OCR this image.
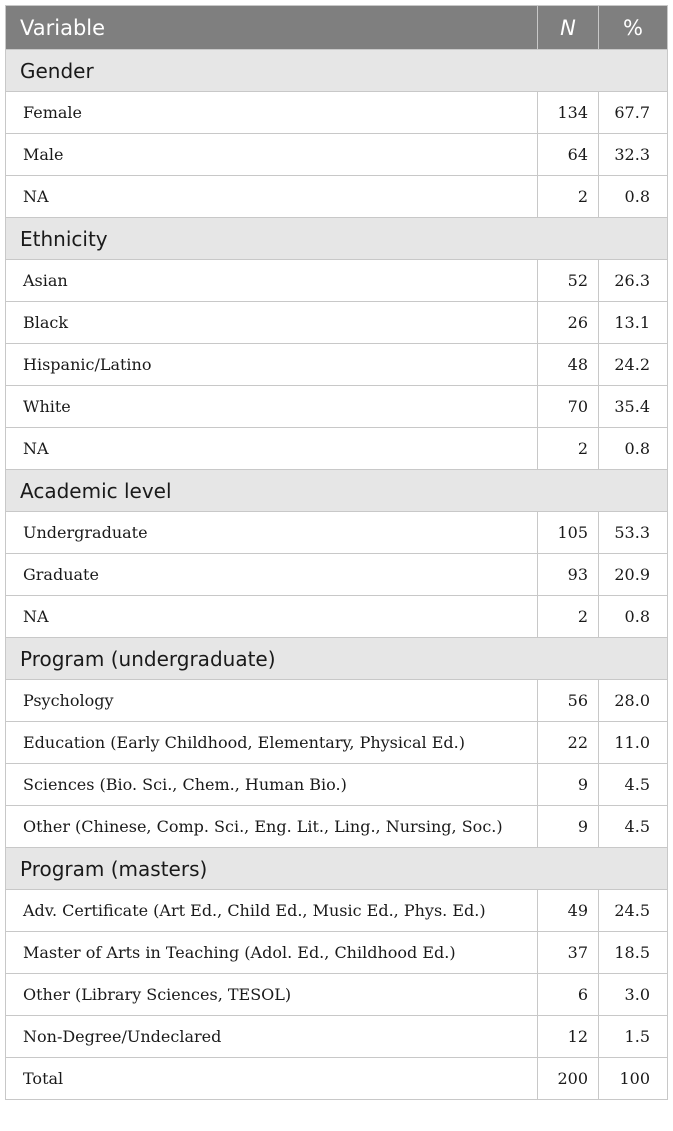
Variable	N	%
Gender		
Female	134	67.7
Male	64	32.3
NA	2	0.8
Ethnicity		
Asian	52	26.3
Black	26	13.1
Hispanic/Latino	48	24.2
White	70	35.4
NA	2	0.8
Academic level		
Undergraduate	105	53.3
Graduate	93	20.9
NA	2	0.8
Program (undergraduate)		
Psychology	56	28.0
Education (Early Childhood, Elementary, Physical Ed.)	22	11.0
Sciences (Bio. Sci., Chem., Human Bio.)	9	4.5
Other (Chinese, Comp. Sci., Eng. Lit., Ling., Nursing, Soc.)	9	4.5
Program (masters)		
Adv. Certificate (Art Ed., Child Ed., Music Ed., Phys. Ed.)	49	24.5
Master of Arts in Teaching (Adol. Ed., Childhood Ed.)	37	18.5
Other (Library Sciences, TESOL)	6	3.0
Non-Degree/Undeclared	12	1.5
Total	200	100
